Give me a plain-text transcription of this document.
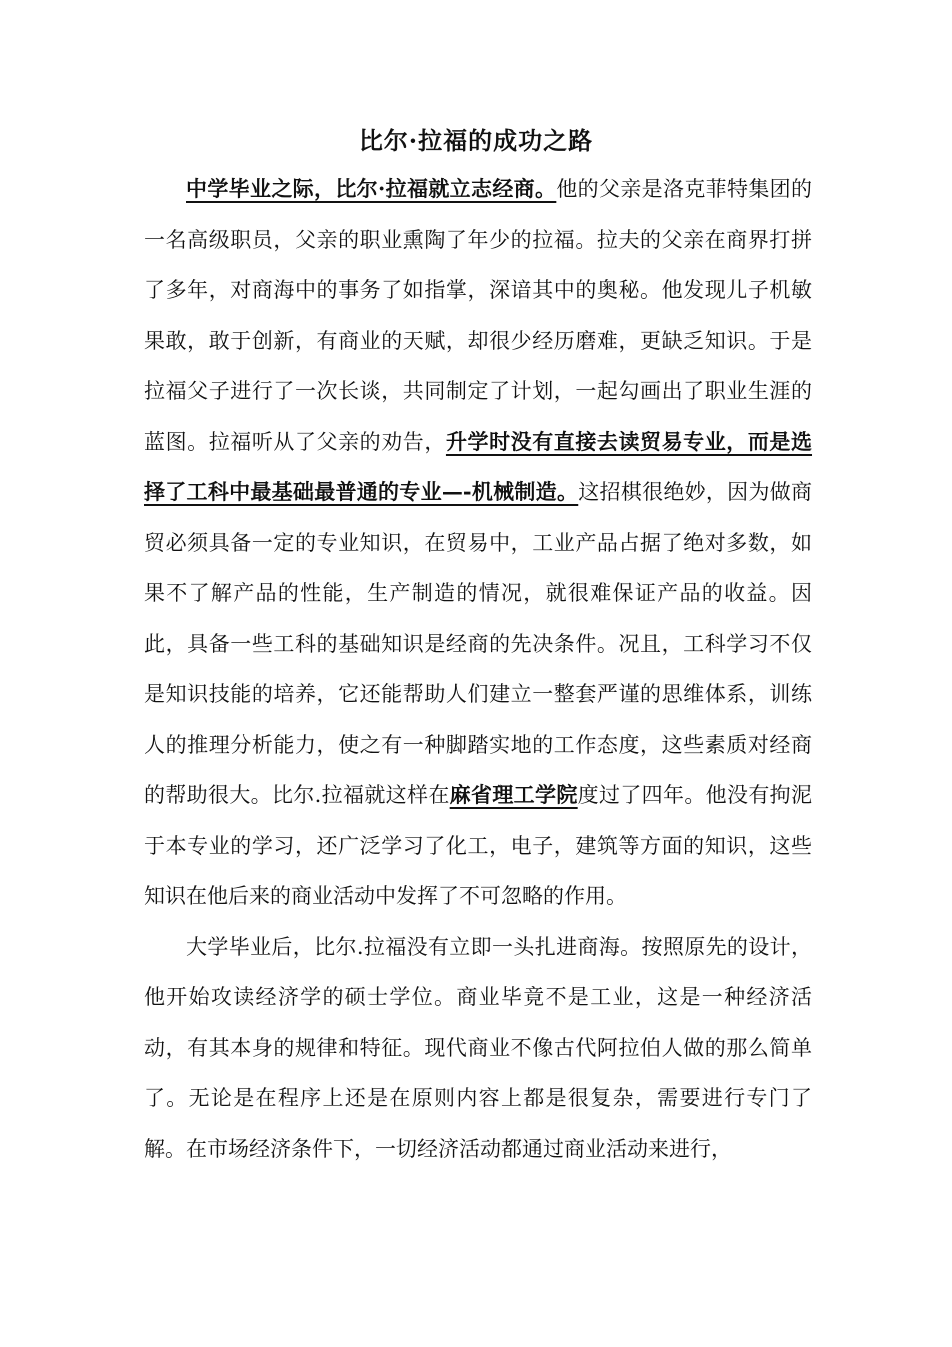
比尔·拉福的成功之路

中学毕业之际，比尔·拉福就立志经商。他的父亲是洛克菲特集团的一名高级职员，父亲的职业熏陶了年少的拉福。拉夫的父亲在商界打拼了多年，对商海中的事务了如指掌，深谙其中的奥秘。他发现儿子机敏果敢，敢于创新，有商业的天赋，却很少经历磨难，更缺乏知识。于是拉福父子进行了一次长谈，共同制定了计划，一起勾画出了职业生涯的蓝图。拉福听从了父亲的劝告，升学时没有直接去读贸易专业，而是选择了工科中最基础最普通的专业—-机械制造。这招棋很绝妙，因为做商贸必须具备一定的专业知识，在贸易中，工业产品占据了绝对多数，如果不了解产品的性能，生产制造的情况，就很难保证产品的收益。因此，具备一些工科的基础知识是经商的先决条件。况且，工科学习不仅是知识技能的培养，它还能帮助人们建立一整套严谨的思维体系，训练人的推理分析能力，使之有一种脚踏实地的工作态度，这些素质对经商的帮助很大。比尔.拉福就这样在麻省理工学院度过了四年。他没有拘泥于本专业的学习，还广泛学习了化工，电子，建筑等方面的知识，这些知识在他后来的商业活动中发挥了不可忽略的作用。

大学毕业后，比尔.拉福没有立即一头扎进商海。按照原先的设计，他开始攻读经济学的硕士学位。商业毕竟不是工业，这是一种经济活动，有其本身的规律和特征。现代商业不像古代阿拉伯人做的那么简单了。无论是在程序上还是在原则内容上都是很复杂，需要进行专门了解。在市场经济条件下，一切经济活动都通过商业活动来进行，
